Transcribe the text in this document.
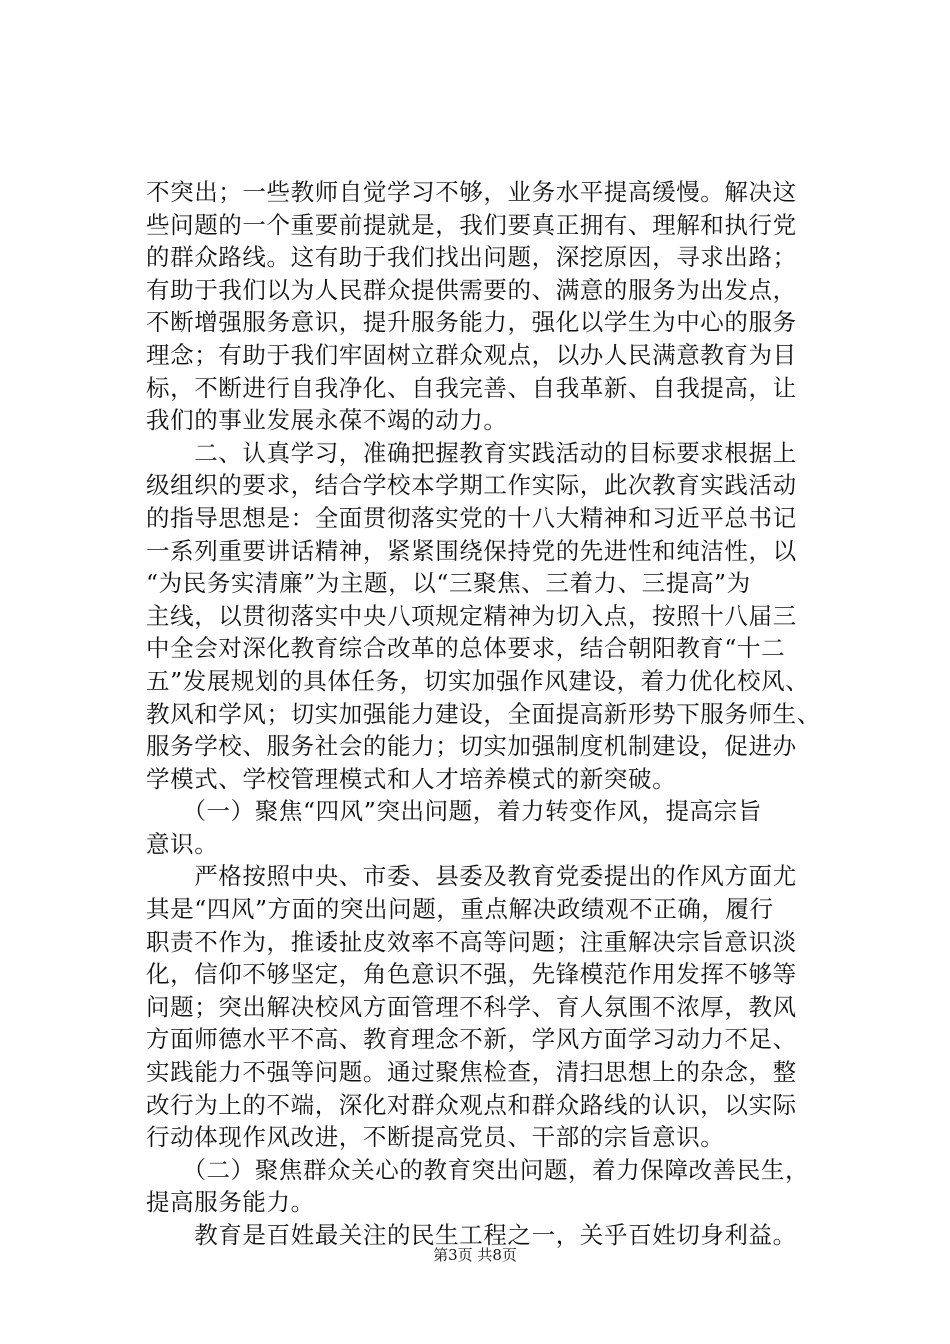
不突出；一些教师自觉学习不够，业务水平提高缓慢。解决这
些问题的一个重要前提就是，我们要真正拥有、理解和执行党
的群众路线。这有助于我们找出问题，深挖原因，寻求出路；
有助于我们以为人民群众提供需要的、满意的服务为出发点，
不断增强服务意识，提升服务能力，强化以学生为中心的服务
理念；有助于我们牢固树立群众观点，以办人民满意教育为目
标，不断进行自我净化、自我完善、自我革新、自我提高，让
我们的事业发展永葆不竭的动力。
　　二、认真学习，准确把握教育实践活动的目标要求根据上
级组织的要求，结合学校本学期工作实际，此次教育实践活动
的指导思想是：全面贯彻落实党的十八大精神和习近平总书记
一系列重要讲话精神，紧紧围绕保持党的先进性和纯洁性，以
“为民务实清廉”为主题，以“三聚焦、三着力、三提高”为
主线，以贯彻落实中央八项规定精神为切入点，按照十八届三
中全会对深化教育综合改革的总体要求，结合朝阳教育“十二
五”发展规划的具体任务，切实加强作风建设，着力优化校风、
教风和学风；切实加强能力建设，全面提高新形势下服务师生、
服务学校、服务社会的能力；切实加强制度机制建设，促进办
学模式、学校管理模式和人才培养模式的新突破。
　　（一）聚焦“四风”突出问题，着力转变作风，提高宗旨
意识。
　　严格按照中央、市委、县委及教育党委提出的作风方面尤
其是“四风”方面的突出问题，重点解决政绩观不正确，履行
职责不作为，推诿扯皮效率不高等问题；注重解决宗旨意识淡
化，信仰不够坚定，角色意识不强，先锋模范作用发挥不够等
问题；突出解决校风方面管理不科学、育人氛围不浓厚，教风
方面师德水平不高、教育理念不新，学风方面学习动力不足、
实践能力不强等问题。通过聚焦检查，清扫思想上的杂念，整
改行为上的不端，深化对群众观点和群众路线的认识，以实际
行动体现作风改进，不断提高党员、干部的宗旨意识。
　　（二）聚焦群众关心的教育突出问题，着力保障改善民生，
提高服务能力。
　　教育是百姓最关注的民生工程之一，关乎百姓切身利益。
第3页 共8页
